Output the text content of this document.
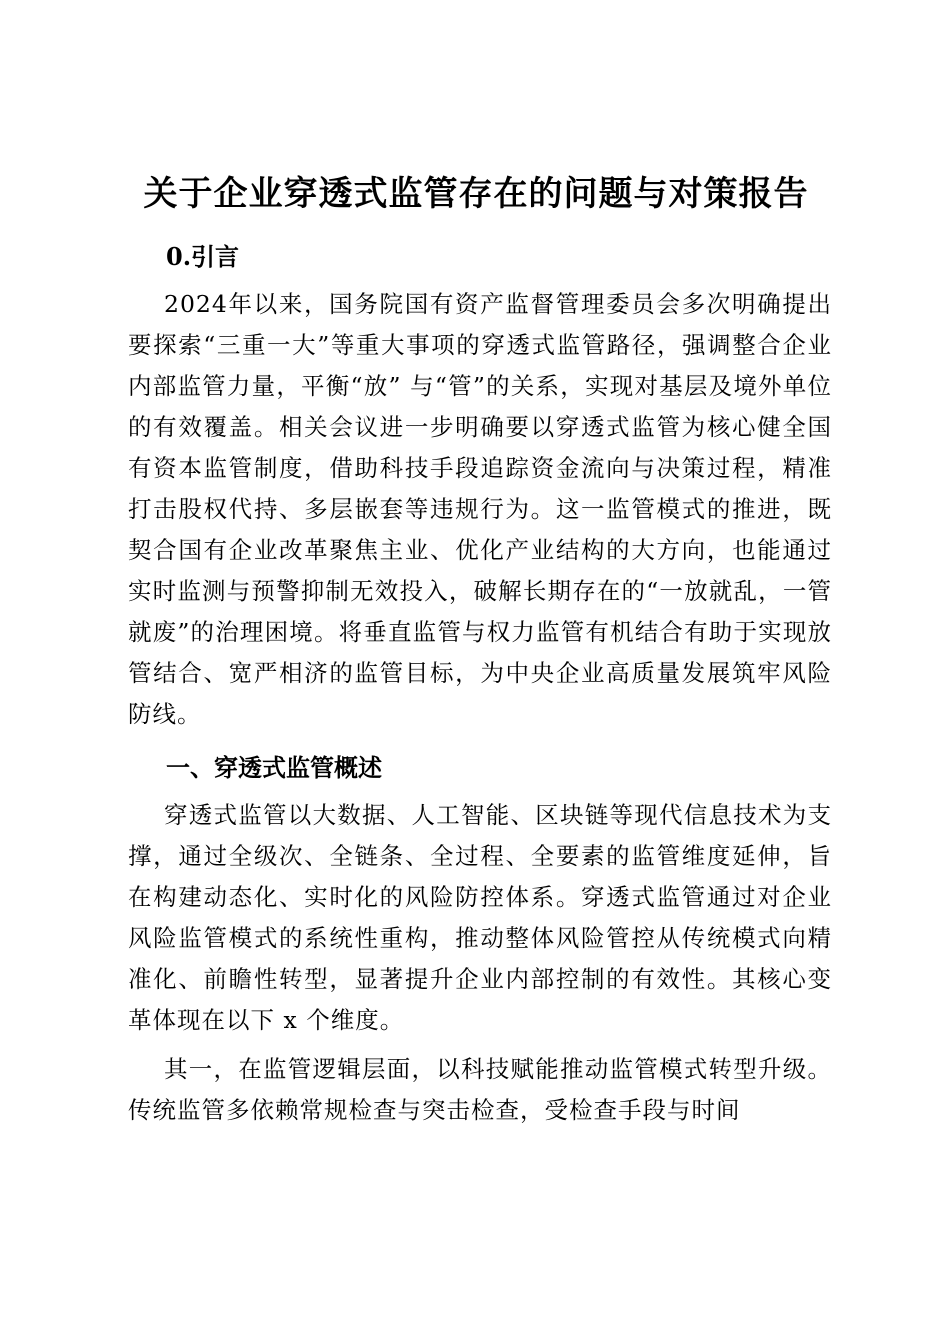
关于企业穿透式监管存在的问题与对策报告

0.引言

2024年以来，国务院国有资产监督管理委员会多次明确提出要探索“三重一大”等重大事项的穿透式监管路径，强调整合企业内部监管力量，平衡“放” 与“管”的关系，实现对基层及境外单位的有效覆盖。相关会议进一步明确要以穿透式监管为核心健全国有资本监管制度，借助科技手段追踪资金流向与决策过程，精准打击股权代持、多层嵌套等违规行为。这一监管模式的推进，既契合国有企业改革聚焦主业、优化产业结构的大方向，也能通过实时监测与预警抑制无效投入，破解长期存在的“一放就乱，一管就废”的治理困境。将垂直监管与权力监管有机结合有助于实现放管结合、宽严相济的监管目标，为中央企业高质量发展筑牢风险防线。

一、穿透式监管概述

穿透式监管以大数据、人工智能、区块链等现代信息技术为支撑，通过全级次、全链条、全过程、全要素的监管维度延伸，旨在构建动态化、实时化的风险防控体系。穿透式监管通过对企业风险监管模式的系统性重构，推动整体风险管控从传统模式向精准化、前瞻性转型，显著提升企业内部控制的有效性。其核心变革体现在以下 x 个维度。

其一，在监管逻辑层面，以科技赋能推动监管模式转型升级。传统监管多依赖常规检查与突击检查，受检查手段与时间
